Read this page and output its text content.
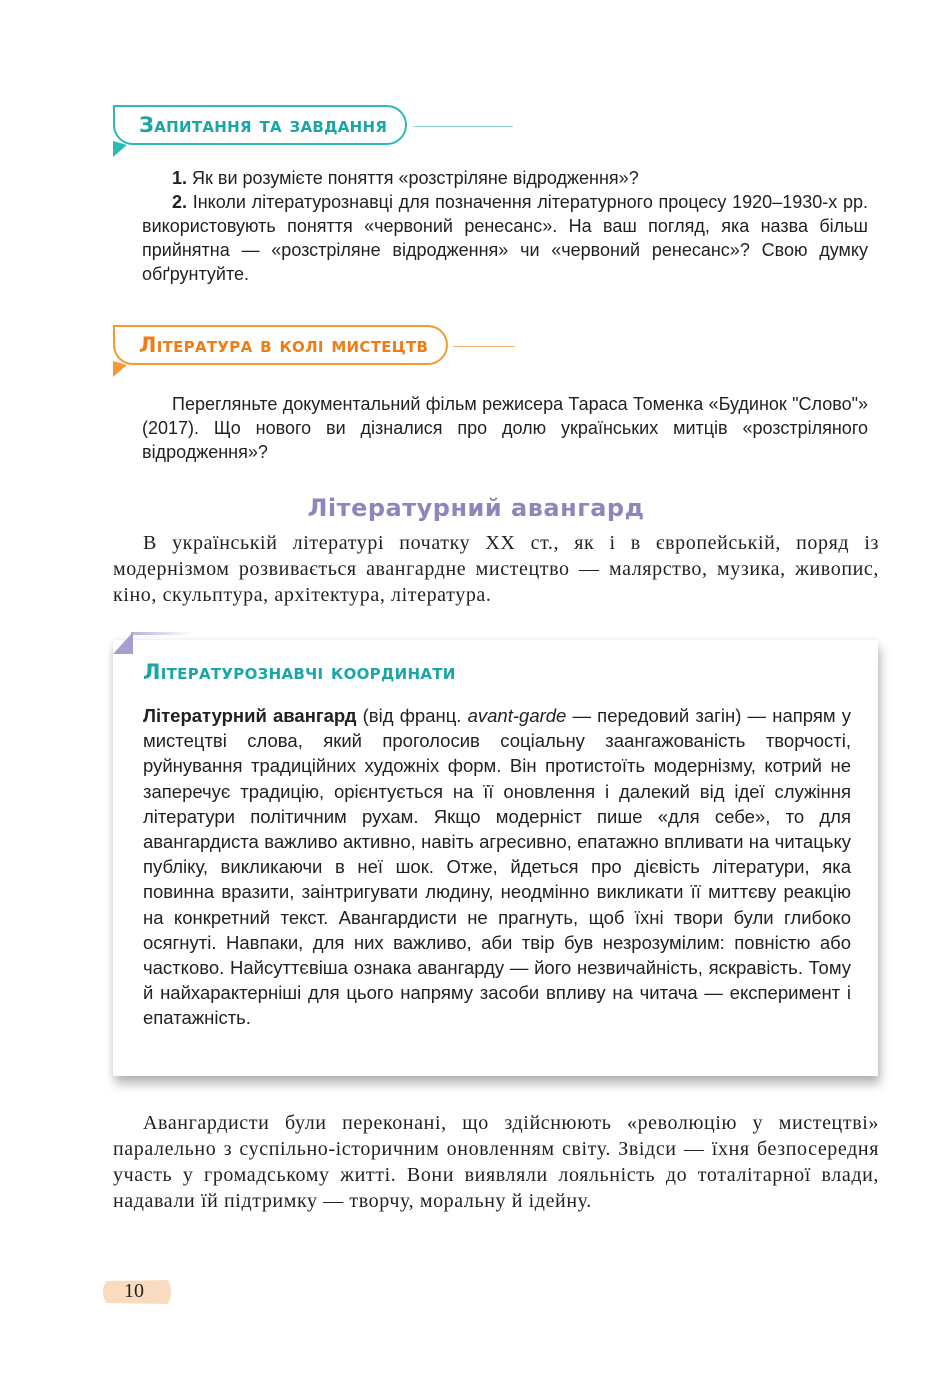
Запитання та завдання

1. Як ви розумієте поняття «розстріляне відродження»?

2. Інколи літературознавці для позначення літературного процесу 1920–1930-х рр. використовують поняття «червоний ренесанс». На ваш погляд, яка назва більш прийнятна — «розстріляне відродження» чи «червоний ренесанс»? Свою думку обґрунтуйте.

Література в колі мистецтв

Перегляньте документальний фільм режисера Тараса Томенка «Будинок "Слово"» (2017). Що нового ви дізналися про долю українських митців «розстріляного відродження»?

Літературний авангард

В українській літературі початку XX ст., як і в європейській, поряд із модернізмом розвивається авангардне мистецтво — малярство, музика, живопис, кіно, скульптура, архітектура, література.

Літературознавчі координати
Літературний авангард (від франц. avant-garde — передовий загін) — напрям у мистецтві слова, який проголосив соціальну заангажованість творчості, руйнування традиційних художніх форм. Він протистоїть модернізму, котрий не заперечує традицію, орієнтується на її оновлення і далекий від ідеї служіння літератури політичним рухам. Якщо модерніст пише «для себе», то для авангардиста важливо активно, навіть агресивно, епатажно впливати на читацьку публіку, викликаючи в неї шок. Отже, йдеться про дієвість літератури, яка повинна вразити, заінтригувати людину, неодмінно викликати її миттєву реакцію на конкретний текст. Авангардисти не прагнуть, щоб їхні твори були глибоко осягнуті. Навпаки, для них важливо, аби твір був незрозумілим: повністю або частково. Найсуттєвіша ознака авангарду — його незвичайність, яскравість. Тому й найхарактерніші для цього напряму засоби впливу на читача — експеримент і епатажність.

Авангардисти були переконані, що здійснюють «революцію у мистецтві» паралельно з суспільно-історичним оновленням світу. Звідси — їхня безпосередня участь у громадському житті. Вони виявляли лояльність до тоталітарної влади, надавали їй підтримку — творчу, моральну й ідейну.

10
